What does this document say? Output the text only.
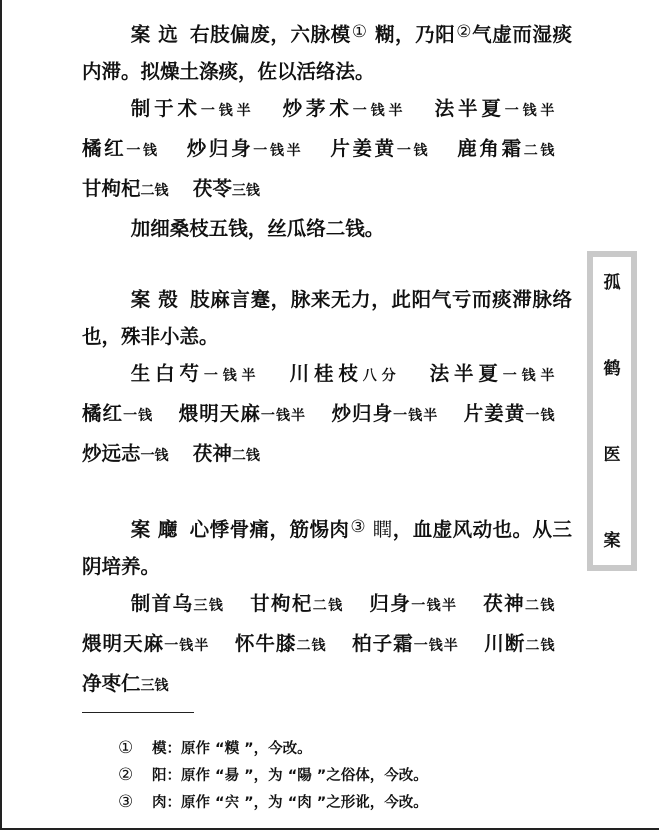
案 迒 右肢偏废，六脉模① 糊，乃阳②气虚而湿痰内滞。拟燥土涤痰，佐以活络法。

制于术一钱半 炒茅术一钱半 法半夏一钱半 橘红一钱 炒归身一钱半 片姜黄一钱 鹿角霜二钱 甘枸杞二钱 茯苓三钱

加细桑枝五钱，丝瓜络二钱。

案 殻 肢麻言蹇，脉来无力，此阳气亏而痰滞脉络也，殊非小恙。

生白芍一钱半 川桂枝八分 法半夏一钱半 橘红一钱 煨明天麻一钱半 炒归身一钱半 片姜黄一钱 炒远志一钱 茯神二钱

案 廰 心悸骨痛，筋惕肉③ 瞤，血虚风动也。从三阴培养。

制首乌三钱 甘枸杞二钱 归身一钱半 茯神二钱 煨明天麻一钱半 怀牛膝二钱 柏子霜一钱半 川断二钱 净枣仁三钱

① 模：原作 “糢 ”，今改。
② 阳：原作 “昜 ”，为 “陽 ”之俗体，今改。
③ 肉：原作 “宍 ”，为 “肉 ”之形讹，今改。
孤
鹤
医
案
